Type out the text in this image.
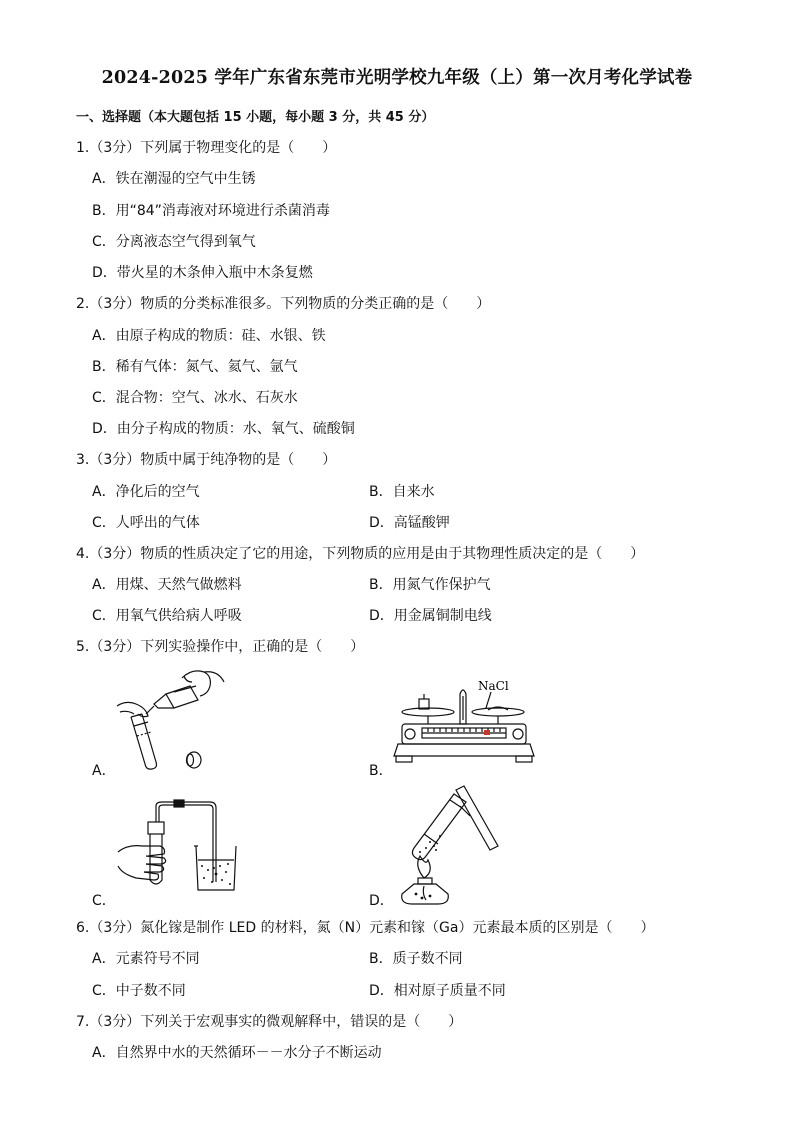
2024-2025 学年广东省东莞市光明学校九年级（上）第一次月考化学试卷
一、选择题（本大题包括 15 小题，每小题 3 分，共 45 分）
1.（3分）下列属于物理变化的是（　　）
A．铁在潮湿的空气中生锈
B．用“84”消毒液对环境进行杀菌消毒
C．分离液态空气得到氧气
D．带火星的木条伸入瓶中木条复燃
2.（3分）物质的分类标准很多。下列物质的分类正确的是（　　）
A．由原子构成的物质：硅、水银、铁
B．稀有气体：氮气、氦气、氩气
C．混合物：空气、冰水、石灰水
D．由分子构成的物质：水、氧气、硫酸铜
3.（3分）物质中属于纯净物的是（　　）
A．净化后的空气	B．自来水
C．人呼出的气体	D．高锰酸钾
4.（3分）物质的性质决定了它的用途，下列物质的应用是由于其物理性质决定的是（　　）
A．用煤、天然气做燃料	B．用氮气作保护气
C．用氧气供给病人呼吸	D．用金属铜制电线
5.（3分）下列实验操作中，正确的是（　　）
A．
NaCl
B．
C．	D．
6.（3分）氮化镓是制作 LED 的材料，氮（N）元素和镓（Ga）元素最本质的区别是（　　）
A．元素符号不同	B．质子数不同
C．中子数不同	D．相对原子质量不同
7.（3分）下列关于宏观事实的微观解释中，错误的是（　　）
A．自然界中水的天然循环－－水分子不断运动
